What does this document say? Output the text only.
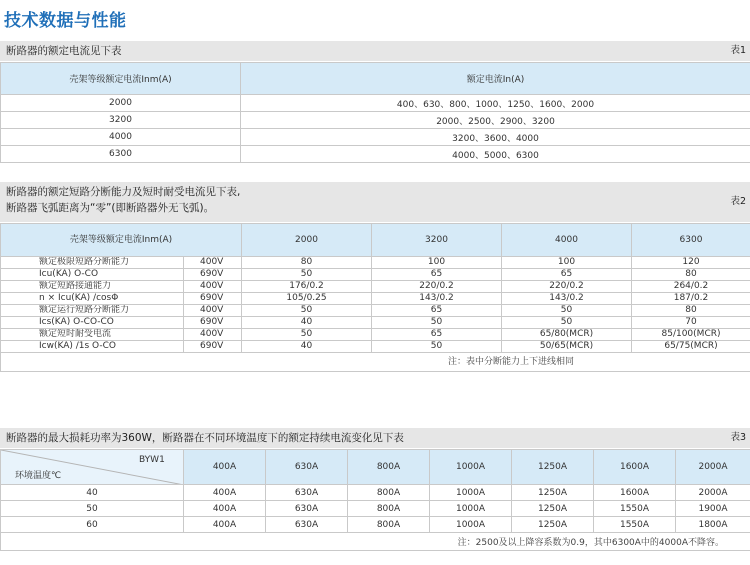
技术数据与性能
断路器的额定电流见下表	表1
壳架等级额定电流Inm(A)	额定电流In(A)
2000	400、630、800、1000、1250、1600、2000
3200	2000、2500、2900、3200
4000	3200、3600、4000
6300	4000、5000、6300
断路器的额定短路分断能力及短时耐受电流见下表,
断路器飞弧距离为“零”(即断路器外无飞弧)。
表2
壳架等级额定电流Inm(A)		2000	3200	4000	6300
额定极限短路分断能力	400V	80	100	100	120
Icu(KA) O-CO	690V	50	65	65	80
额定短路接通能力	400V	176/0.2	220/0.2	220/0.2	264/0.2
n × Icu(KA) /cosΦ	690V	105/0.25	143/0.2	143/0.2	187/0.2
额定运行短路分断能力	400V	50	65	50	80
Ics(KA) O-CO-CO	690V	40	50	50	70
额定短时耐受电流	400V	50	65	65/80(MCR)	85/100(MCR)
Icw(KA) /1s O-CO	690V	40	50	50/65(MCR)	65/75(MCR)
注：表中分断能力上下进线相同					
断路器的最大损耗功率为360W，断路器在不同环境温度下的额定持续电流变化见下表	表3
BYW1
环境温度℃	400A	630A	800A	1000A	1250A	1600A	2000A
40	400A	630A	800A	1000A	1250A	1600A	2000A
50	400A	630A	800A	1000A	1250A	1550A	1900A
60	400A	630A	800A	1000A	1250A	1550A	1800A
注：2500及以上降容系数为0.9，其中6300A中的4000A不降容。							
